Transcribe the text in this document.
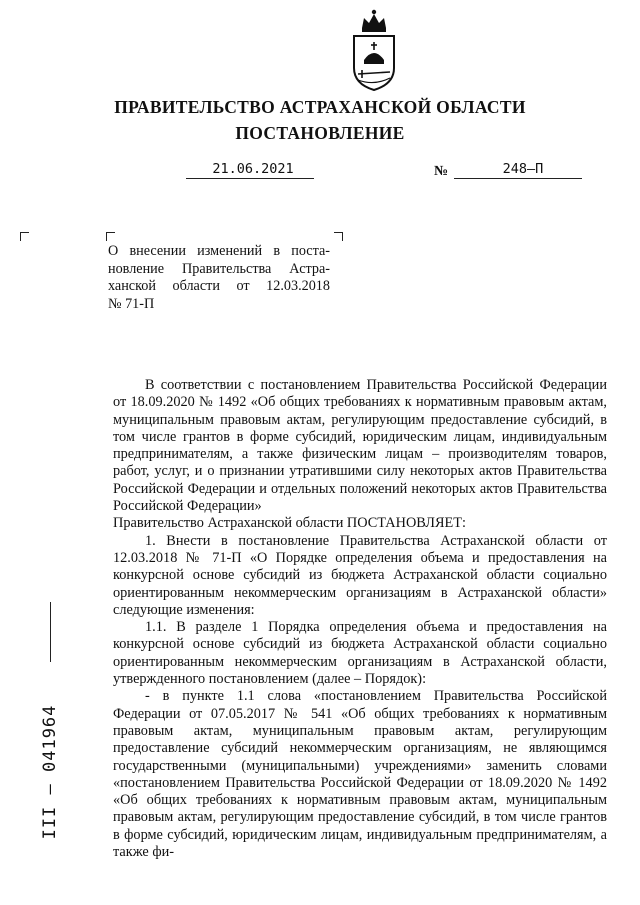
ПРАВИТЕЛЬСТВО АСТРАХАНСКОЙ ОБЛАСТИ
ПОСТАНОВЛЕНИЕ
21.06.2021	№	248–П
О внесении изменений в поста-
новление Правительства Астра-
ханской области от 12.03.2018
№ 71-П

В соответствии с постановлением Правительства Российской Федерации от 18.09.2020 № 1492 «Об общих требованиях к нормативным правовым актам, муниципальным правовым актам, регулирующим предоставление субсидий, в том числе грантов в форме субсидий, юридическим лицам, индивидуальным предпринимателям, а также физическим лицам – производителям товаров, работ, услуг, и о признании утратившими силу некоторых актов Правительства Российской Федерации и отдельных положений некоторых актов Правительства Российской Федерации»

Правительство Астраханской области ПОСТАНОВЛЯЕТ:

1. Внести в постановление Правительства Астраханской области от 12.03.2018 № 71-П «О Порядке определения объема и предоставления на конкурсной основе субсидий из бюджета Астраханской области социально ориентированным некоммерческим организациям в Астраханской области» следующие изменения:

1.1. В разделе 1 Порядка определения объема и предоставления на конкурсной основе субсидий из бюджета Астраханской области социально ориентированным некоммерческим организациям в Астраханской области, утвержденного постановлением (далее – Порядок):

- в пункте 1.1 слова «постановлением Правительства Российской Федерации от 07.05.2017 № 541 «Об общих требованиях к нормативным правовым актам, муниципальным правовым актам, регулирующим предоставление субсидий некоммерческим организациям, не являющимся государственными (муниципальными) учреждениями» заменить словами «постановлением Правительства Российской Федерации от 18.09.2020 № 1492 «Об общих требованиях к нормативным правовым актам, муниципальным правовым актам, регулирующим предоставление субсидий, в том числе грантов в форме субсидий, юридическим лицам, индивидуальным предпринимателям, а также фи-

III – 041964
